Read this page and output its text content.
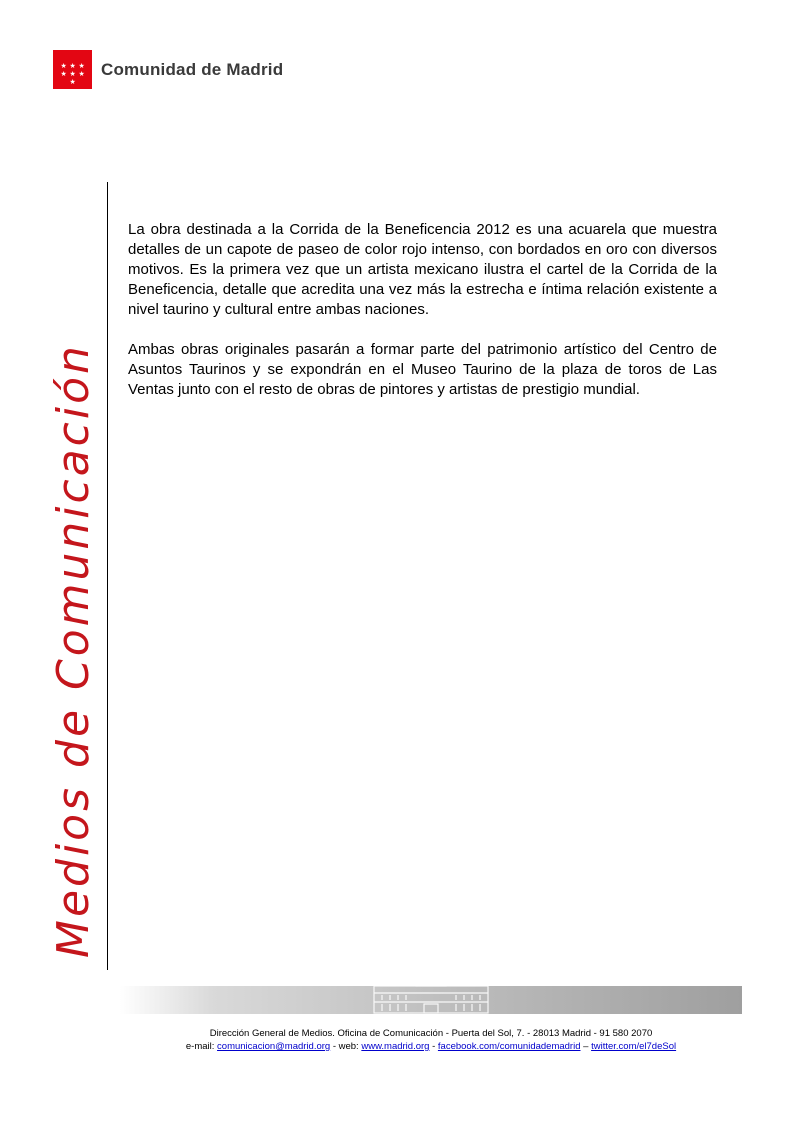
★ ★ ★
★ ★ ★
★
Comunidad de Madrid
Medios de Comunicación

La obra destinada a la Corrida de la Beneficencia 2012 es una acuarela que muestra detalles de un capote de paseo de color rojo intenso, con bordados en oro con diversos motivos. Es la primera vez que un artista mexicano ilustra el cartel de la Corrida de la Beneficencia, detalle que acredita una vez más la estrecha e íntima relación existente a nivel taurino y cultural entre ambas naciones.

Ambas obras originales pasarán a formar parte del patrimonio artístico del Centro de Asuntos Taurinos y se expondrán en el Museo Taurino de la plaza de toros de Las Ventas junto con el resto de obras de pintores y artistas de prestigio mundial.

Dirección General de Medios. Oficina de Comunicación - Puerta del Sol, 7. - 28013 Madrid - 91 580 2070
e-mail: comunicacion@madrid.org - web: www.madrid.org - facebook.com/comunidademadrid – twitter.com/el7deSol
